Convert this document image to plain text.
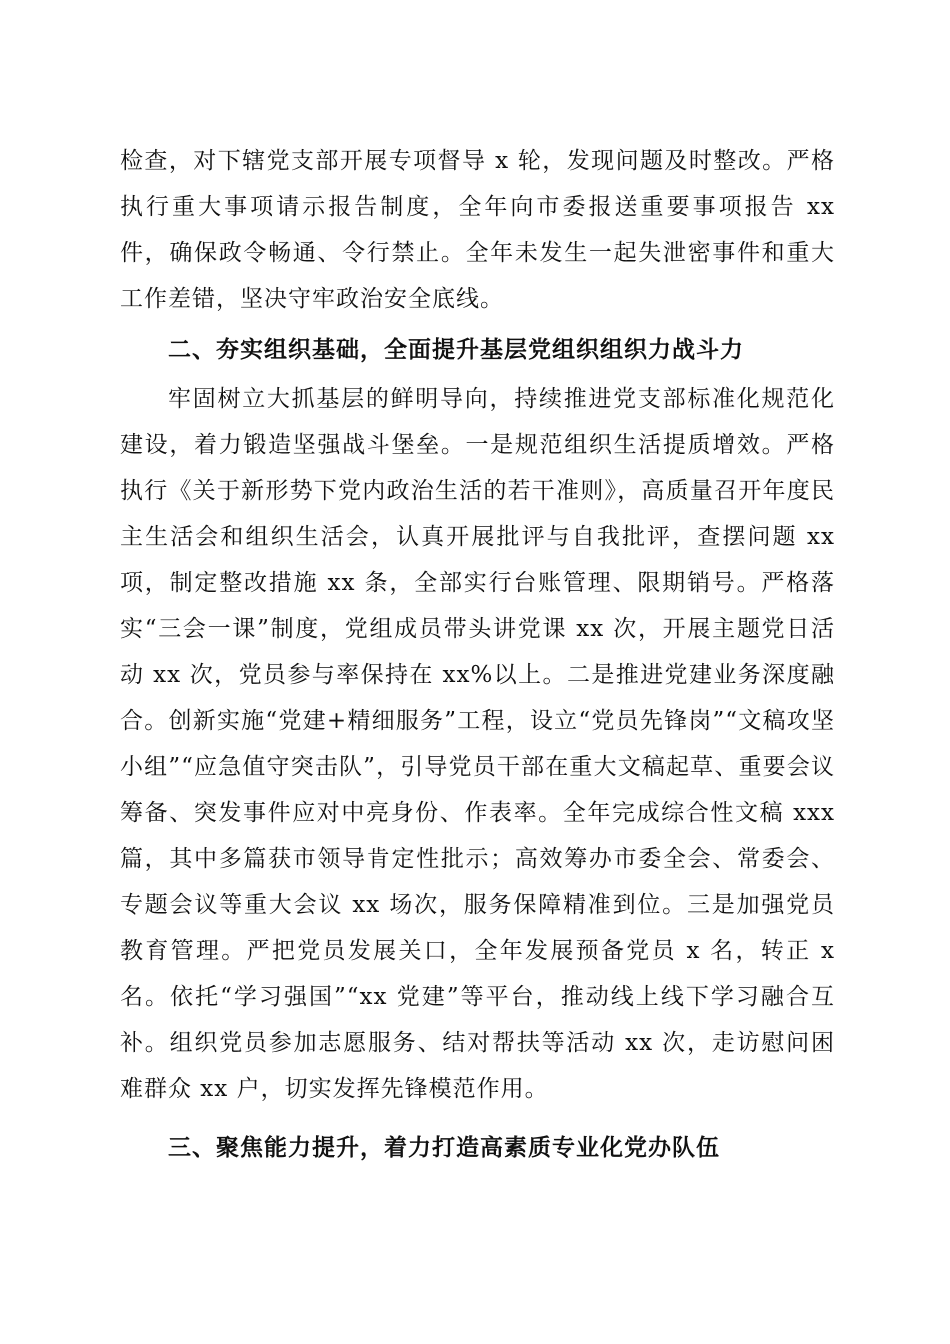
检查，对下辖党支部开展专项督导 x 轮，发现问题及时整改。严格执行重大事项请示报告制度，全年向市委报送重要事项报告 xx 件，确保政令畅通、令行禁止。全年未发生一起失泄密事件和重大工作差错，坚决守牢政治安全底线。

二、夯实组织基础，全面提升基层党组织组织力战斗力

牢固树立大抓基层的鲜明导向，持续推进党支部标准化规范化建设，着力锻造坚强战斗堡垒。一是规范组织生活提质增效。严格执行《关于新形势下党内政治生活的若干准则》，高质量召开年度民主生活会和组织生活会，认真开展批评与自我批评，查摆问题 xx 项，制定整改措施 xx 条，全部实行台账管理、限期销号。严格落实“三会一课”制度，党组成员带头讲党课 xx 次，开展主题党日活动 xx 次，党员参与率保持在 xx%以上。二是推进党建业务深度融合。创新实施“党建+精细服务”工程，设立“党员先锋岗”“文稿攻坚小组”“应急值守突击队”，引导党员干部在重大文稿起草、重要会议筹备、突发事件应对中亮身份、作表率。全年完成综合性文稿 xxx 篇，其中多篇获市领导肯定性批示；高效筹办市委全会、常委会、专题会议等重大会议 xx 场次，服务保障精准到位。三是加强党员教育管理。严把党员发展关口，全年发展预备党员 x 名，转正 x 名。依托“学习强国”“xx 党建”等平台，推动线上线下学习融合互补。组织党员参加志愿服务、结对帮扶等活动 xx 次，走访慰问困难群众 xx 户，切实发挥先锋模范作用。

三、聚焦能力提升，着力打造高素质专业化党办队伍
